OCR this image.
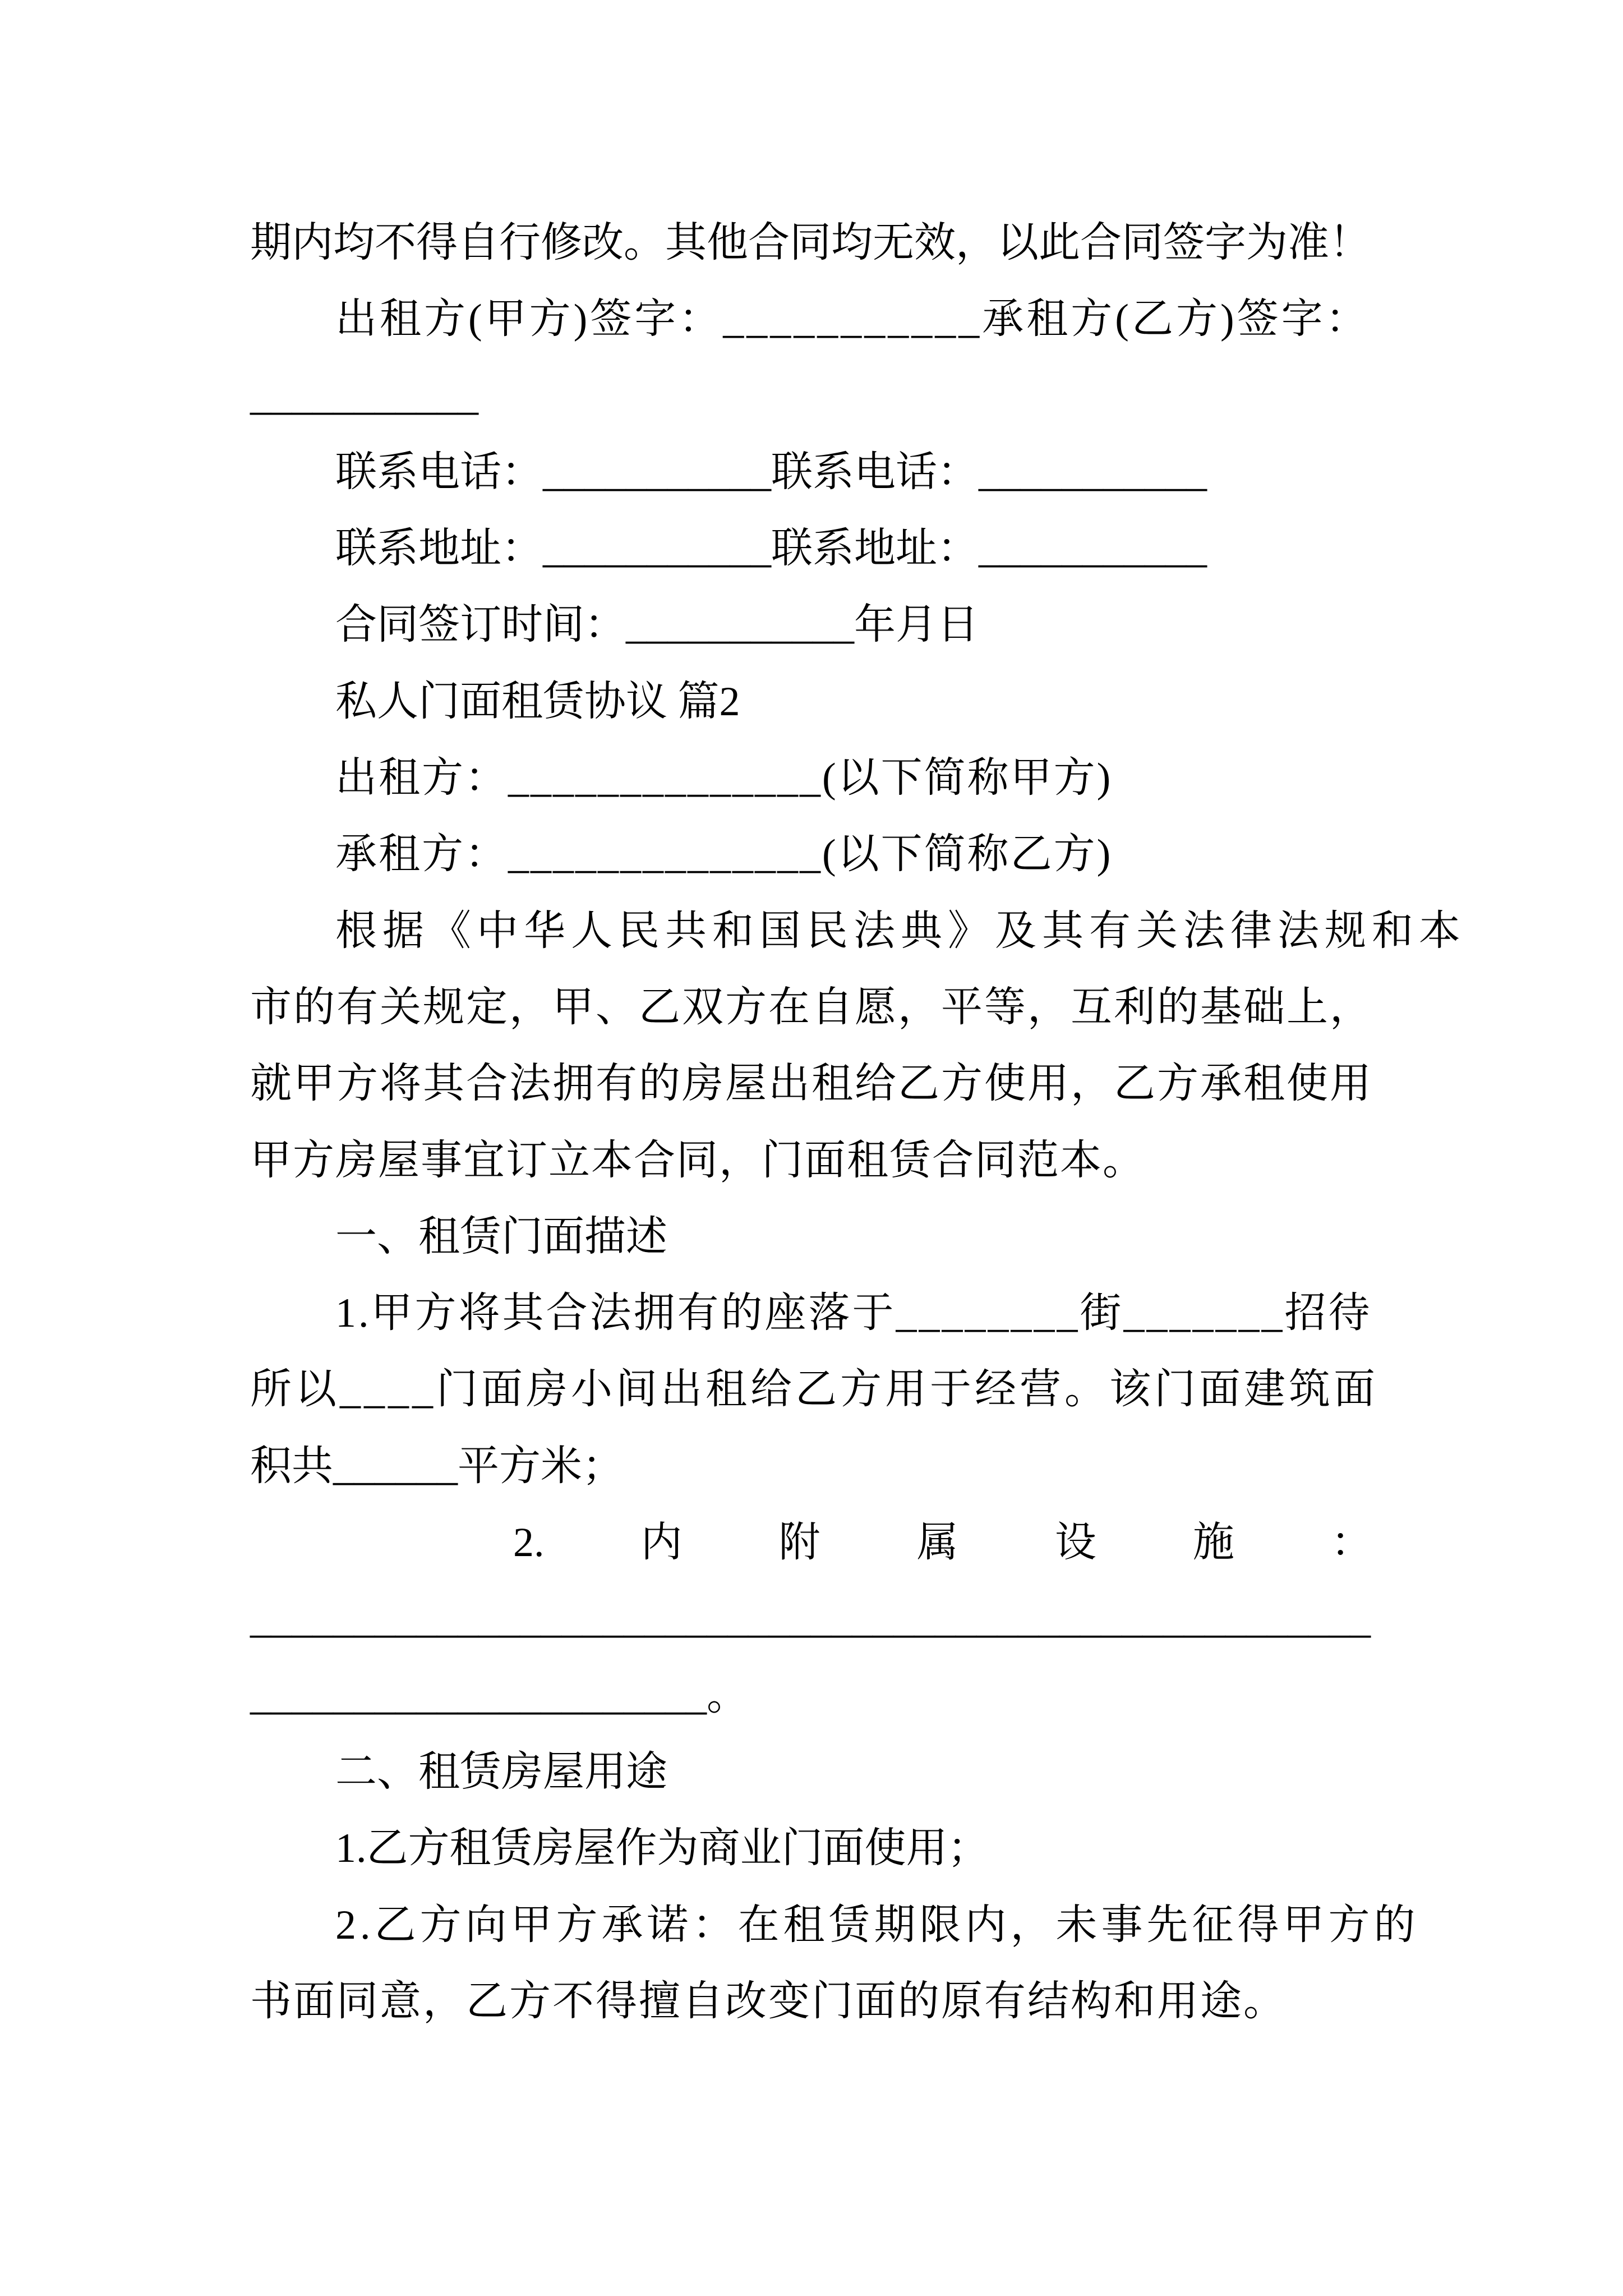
期内均不得自行修改。其他合同均无效，以此合同签字为准！
出租方(甲方)签字：___________承租方(乙方)签字：
___________
联系电话：___________联系电话：___________
联系地址：___________联系地址：___________
合同签订时间：___________年月日
私人门面租赁协议 篇2
出租方：______________(以下简称甲方)
承租方：______________(以下简称乙方)
根据《中华人民共和国民法典》及其有关法律法规和本
市的有关规定，甲、乙双方在自愿，平等，互利的基础上，
就甲方将其合法拥有的房屋出租给乙方使用，乙方承租使用
甲方房屋事宜订立本合同，门面租赁合同范本。
一、租赁门面描述
1.甲方将其合法拥有的座落于________街_______招待
所以____门面房小间出租给乙方用于经营。该门面建筑面
积共______平方米；
2. 内 附 属 设 施 ：
______________________________________________________
______________________。
二、租赁房屋用途
1.乙方租赁房屋作为商业门面使用；
2.乙方向甲方承诺：在租赁期限内，未事先征得甲方的
书面同意，乙方不得擅自改变门面的原有结构和用途。
